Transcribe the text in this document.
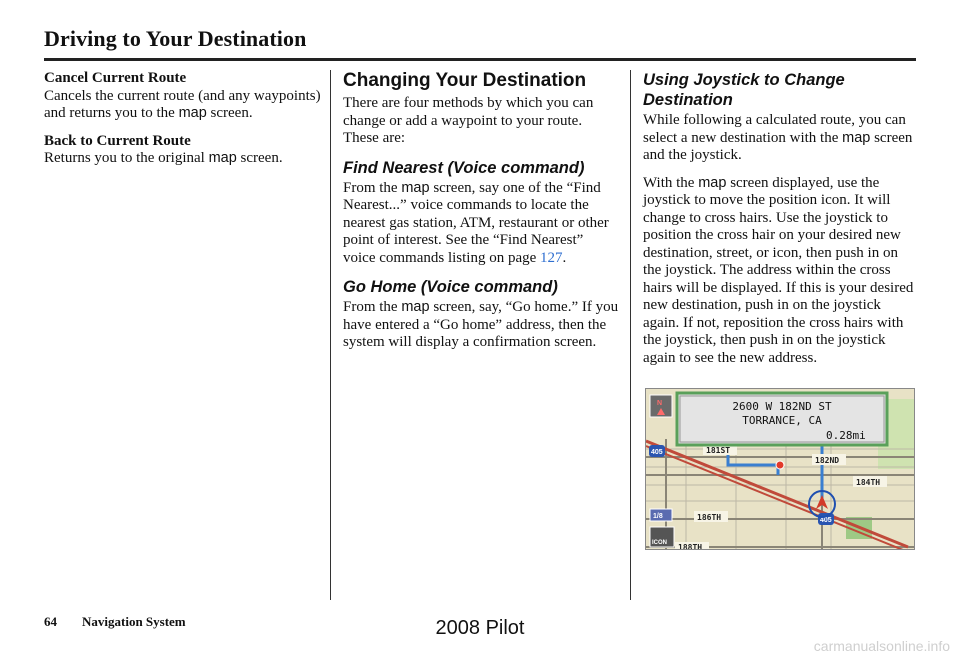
Driving to Your Destination
Cancel Current Route

Cancels the current route (and any waypoints) and returns you to the map screen.

Back to Current Route

Returns you to the original map screen.

Changing Your Destination

There are four methods by which you can change or add a waypoint to your route. These are:

Find Nearest (Voice command)

From the map screen, say one of the “Find Nearest...” voice commands to locate the nearest gas station, ATM, restaurant or other point of interest. See the “Find Nearest” voice commands listing on page 127.

Go Home (Voice command)

From the map screen, say, “Go home.” If you have entered a “Go home” address, then the system will display a confirmation screen.

Using Joystick to Change Destination

While following a calculated route, you can select a new destination with the map screen and the joystick.

With the map screen displayed, use the joystick to move the position icon. It will change to cross hairs. Use the joystick to position the cross hair on your desired new destination, street, or icon, then push in on the joystick. The address within the cross hairs will be displayed. If this is your desired new destination, push in on the joystick again. If not, reposition the cross hairs with the joystick, then push in on the joystick again to see the new address.

405
405
181ST
182ND
184TH
186TH
188TH
N
1/8
ICON
2600 W 182ND ST
TORRANCE, CA
0.28mi
64 Navigation System	2008 Pilot
carmanualsonline.info
